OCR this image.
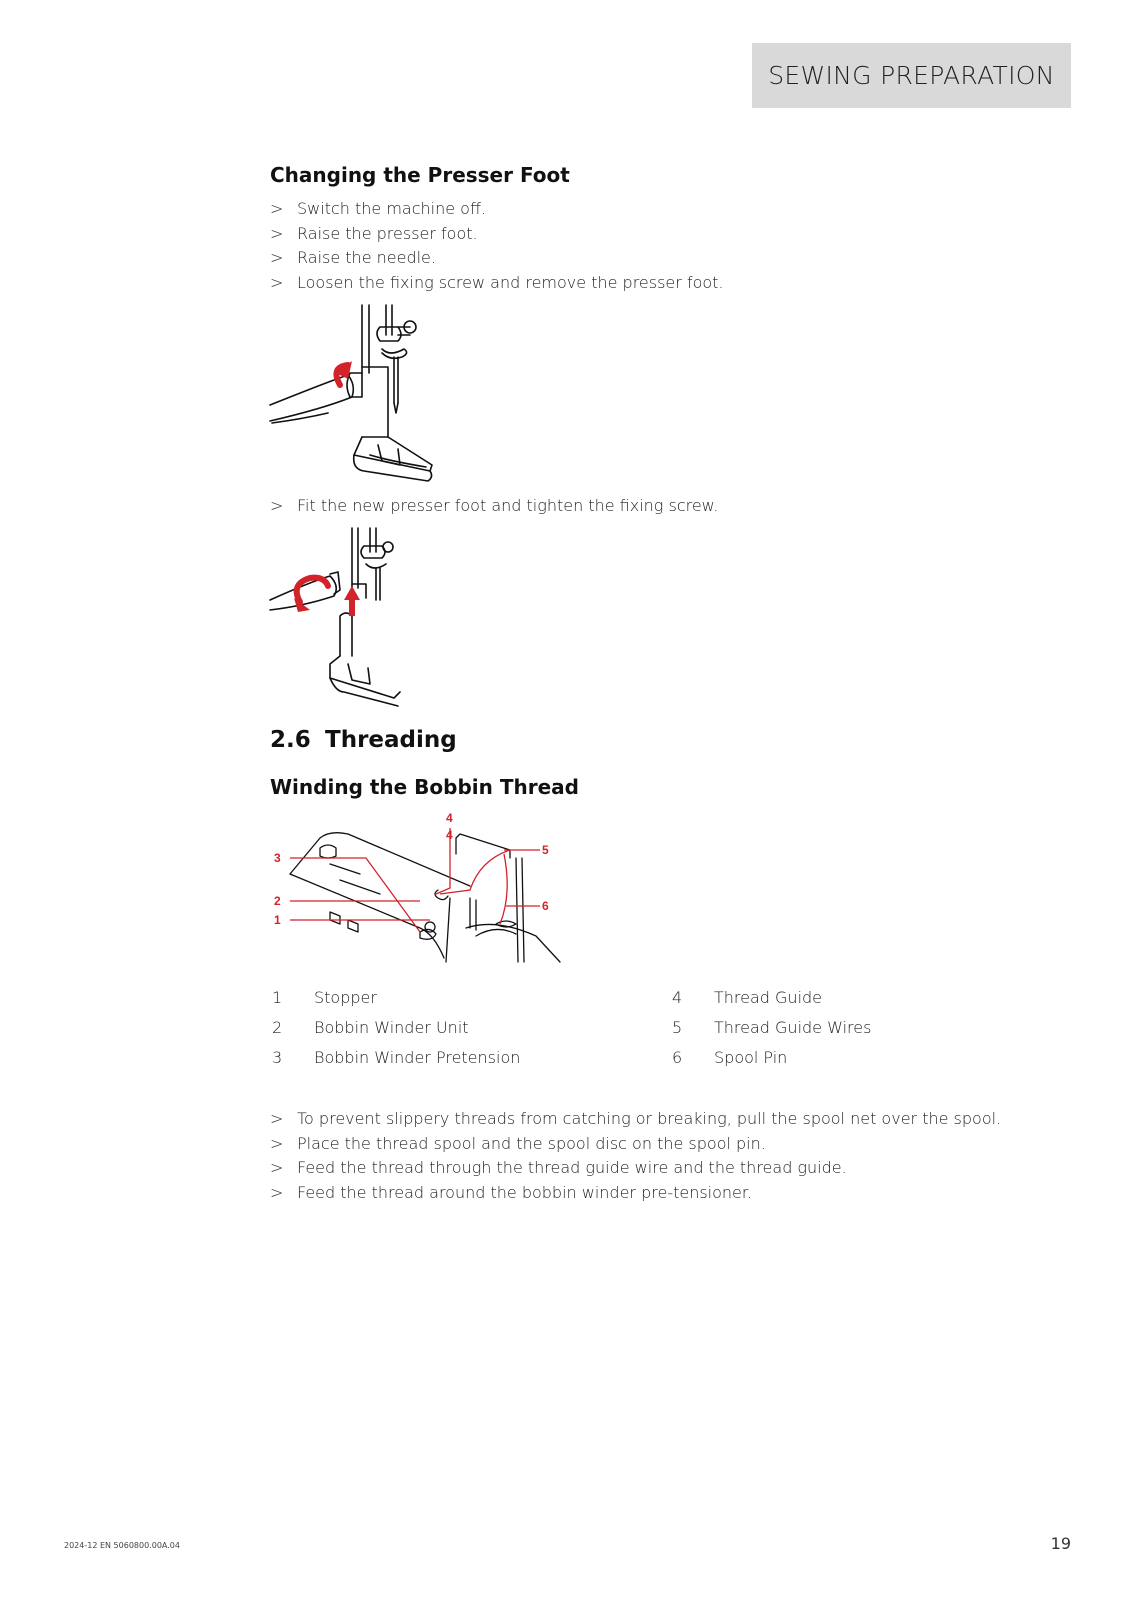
SEWING PREPARATION
Changing the Presser Foot
> Switch the machine off.
> Raise the presser foot.
> Raise the needle.
> Loosen the fixing screw and remove the presser foot.
> Fit the new presser foot and tighten the fixing screw.
2.6 Threading
Winding the Bobbin Thread
3
2
1
4
5
6
4
1 Stopper
2 Bobbin Winder Unit
3 Bobbin Winder Pretension
4 Thread Guide
5 Thread Guide Wires
6 Spool Pin
> To prevent slippery threads from catching or breaking, pull the spool net over the spool.
> Place the thread spool and the spool disc on the spool pin.
> Feed the thread through the thread guide wire and the thread guide.
> Feed the thread around the bobbin winder pre-tensioner.
2024-12 EN 5060800.00A.04	19
